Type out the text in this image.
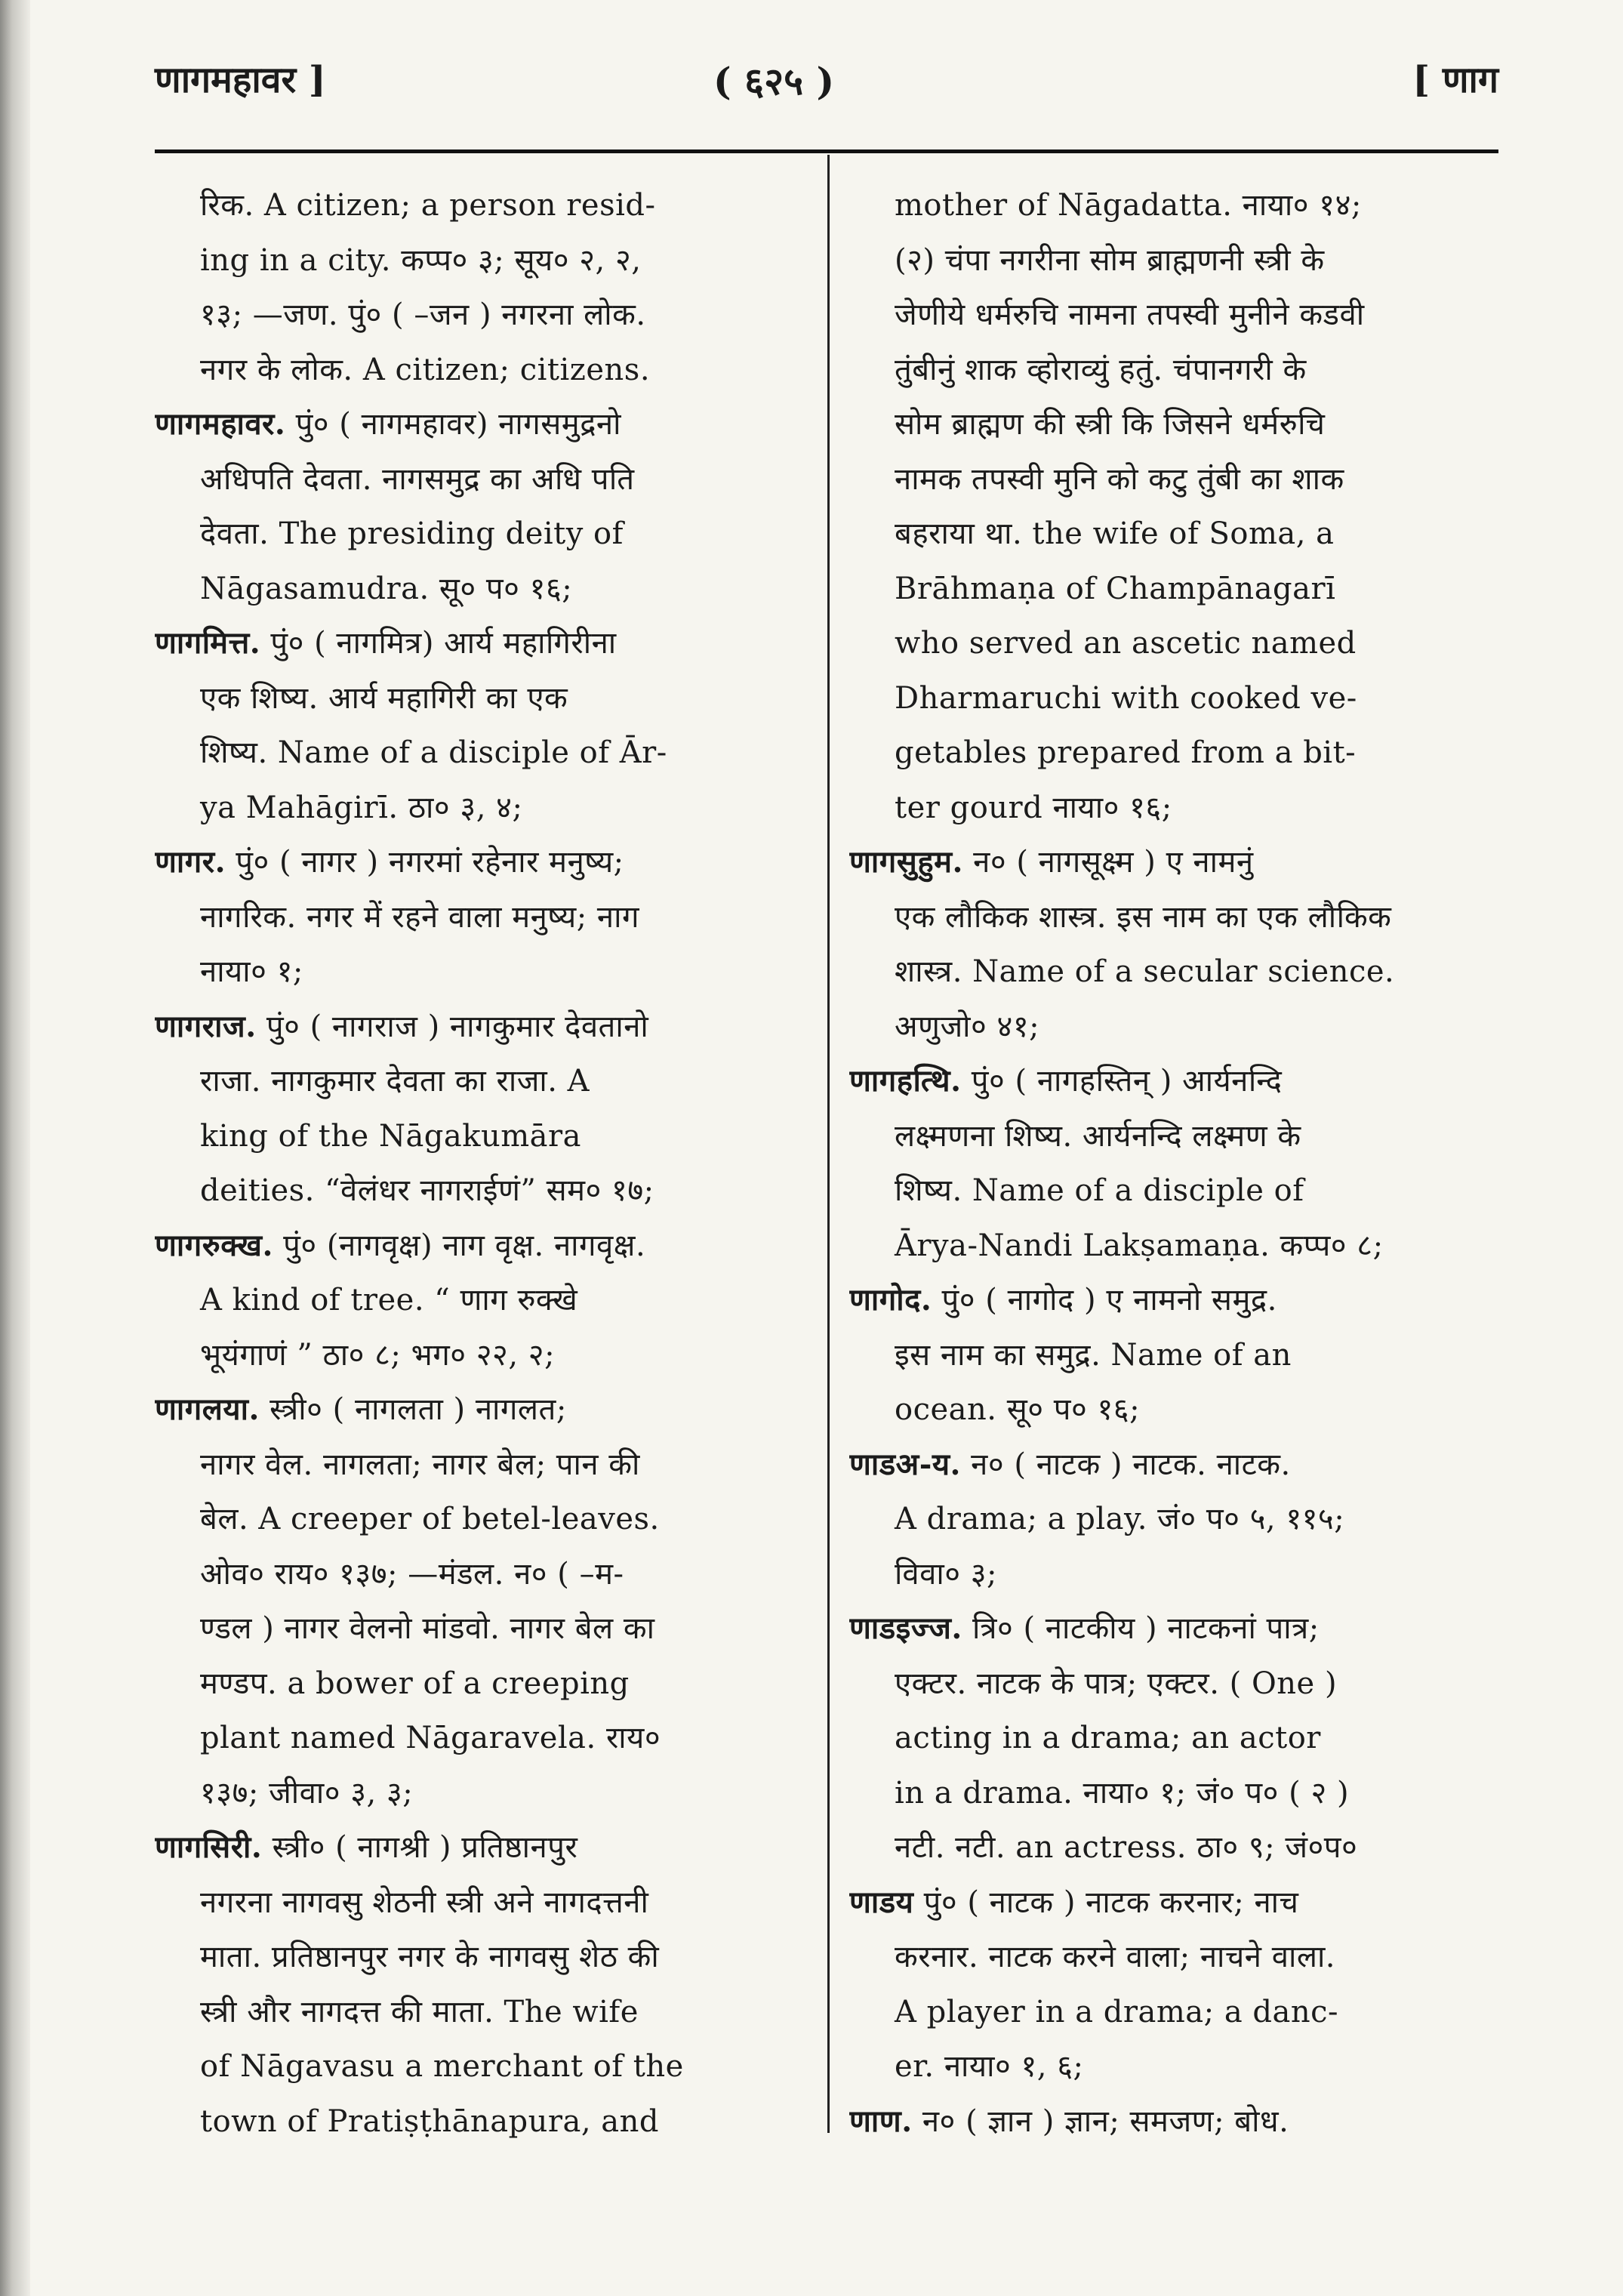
णागमहावर ]	( ६२५ )	[ णाग
रिक. A citizen; a person resid-
ing in a city. कप्प० ३; सूय० २, २,
१३; —जण. पुं० ( –जन ) नगरना लोक.
नगर के लोक. A citizen; citizens.
णागमहावर. पुं० ( नागमहावर) नागसमुद्रनो
अधिपति देवता. नागसमुद्र का अधि पति
देवता. The presiding deity of
Nāgasamudra. सू० प० १६;
णागमित्त. पुं० ( नागमित्र) आर्य महागिरीना
एक शिष्य. आर्य महागिरी का एक
शिष्य. Name of a disciple of Ār-
ya Mahāgirī. ठा० ३, ४;
णागर. पुं० ( नागर ) नगरमां रहेनार मनुष्य;
नागरिक. नगर में रहने वाला मनुष्य; नाग
नाया० १;
णागराज. पुं० ( नागराज ) नागकुमार देवतानो
राजा. नागकुमार देवता का राजा. A
king of the Nāgakumāra
deities. “वेलंधर नागराईणं” सम० १७;
णागरुक्ख. पुं० (नागवृक्ष) नाग वृक्ष. नागवृक्ष.
A kind of tree. “ णाग रुक्खे
भूयंगाणं ” ठा० ८; भग० २२, २;
णागलया. स्त्री० ( नागलता ) नागलत;
नागर वेल. नागलता; नागर बेल; पान की
बेल. A creeper of betel-leaves.
ओव० राय० १३७; —मंडल. न० ( –म-
ण्डल ) नागर वेलनो मांडवो. नागर बेल का
मण्डप. a bower of a creeping
plant named Nāgaravela. राय०
१३७; जीवा० ३, ३;
णागसिरी. स्त्री० ( नागश्री ) प्रतिष्ठानपुर
नगरना नागवसु शेठनी स्त्री अने नागदत्तनी
माता. प्रतिष्ठानपुर नगर के नागवसु शेठ की
स्त्री और नागदत्त की माता. The wife
of Nāgavasu a merchant of the
town of Pratiṣṭhānapura, and
mother of Nāgadatta. नाया० १४;
(२) चंपा नगरीना सोम ब्राह्मणनी स्त्री के
जेणीये धर्मरुचि नामना तपस्वी मुनीने कडवी
तुंबीनुं शाक व्होराव्युं हतुं. चंपानगरी के
सोम ब्राह्मण की स्त्री कि जिसने धर्मरुचि
नामक तपस्वी मुनि को कटु तुंबी का शाक
बहराया था. the wife of Soma, a
Brāhmaṇa of Champānagarī
who served an ascetic named
Dharmaruchi with cooked ve-
getables prepared from a bit-
ter gourd नाया० १६;
णागसुहुम. न० ( नागसूक्ष्म ) ए नामनुं
एक लौकिक शास्त्र. इस नाम का एक लौकिक
शास्त्र. Name of a secular science.
अणुजो० ४१;
णागहत्थि. पुं० ( नागहस्तिन् ) आर्यनन्दि
लक्ष्मणना शिष्य. आर्यनन्दि लक्ष्मण के
शिष्य. Name of a disciple of
Ārya-Nandi Lakṣamaṇa. कप्प० ८;
णागोद. पुं० ( नागोद ) ए नामनो समुद्र.
इस नाम का समुद्र. Name of an
ocean. सू० प० १६;
णाडअ-य. न० ( नाटक ) नाटक. नाटक.
A drama; a play. जं० प० ५, ११५;
विवा० ३;
णाडइज्ज. त्रि० ( नाटकीय ) नाटकनां पात्र;
एक्टर. नाटक के पात्र; एक्टर. ( One )
acting in a drama; an actor
in a drama. नाया० १; जं० प० ( २ )
नटी. नटी. an actress. ठा० ९; जं०प०
णाडय पुं० ( नाटक ) नाटक करनार; नाच
करनार. नाटक करने वाला; नाचने वाला.
A player in a drama; a danc-
er. नाया० १, ६;
णाण. न० ( ज्ञान ) ज्ञान; समजण; बोध.
